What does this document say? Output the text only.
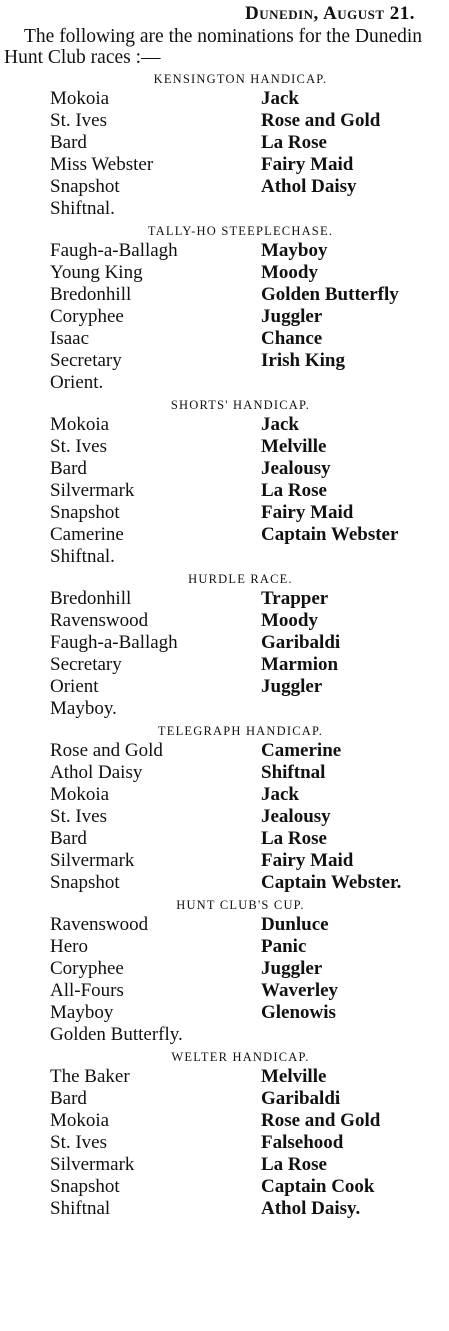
Dunedin, August 21.

The following are the nominations for the Dunedin Hunt Club races :—

KENSINGTON HANDICAP.
Mokoia	Jack
St. Ives	Rose and Gold
Bard	La Rose
Miss Webster	Fairy Maid
Snapshot	Athol Daisy
Shiftnal.
TALLY-HO STEEPLECHASE.
Faugh-a-Ballagh	Mayboy
Young King	Moody
Bredonhill	Golden Butterfly
Coryphee	Juggler
Isaac	Chance
Secretary	Irish King
Orient.
SHORTS' HANDICAP.
Mokoia	Jack
St. Ives	Melville
Bard	Jealousy
Silvermark	La Rose
Snapshot	Fairy Maid
Camerine	Captain Webster
Shiftnal.
HURDLE RACE.
Bredonhill	Trapper
Ravenswood	Moody
Faugh-a-Ballagh	Garibaldi
Secretary	Marmion
Orient	Juggler
Mayboy.
TELEGRAPH HANDICAP.
Rose and Gold	Camerine
Athol Daisy	Shiftnal
Mokoia	Jack
St. Ives	Jealousy
Bard	La Rose
Silvermark	Fairy Maid
Snapshot	Captain Webster.
HUNT CLUB'S CUP.
Ravenswood	Dunluce
Hero	Panic
Coryphee	Juggler
All-Fours	Waverley
Mayboy	Glenowis
Golden Butterfly.
WELTER HANDICAP.
The Baker	Melville
Bard	Garibaldi
Mokoia	Rose and Gold
St. Ives	Falsehood
Silvermark	La Rose
Snapshot	Captain Cook
Shiftnal	Athol Daisy.
